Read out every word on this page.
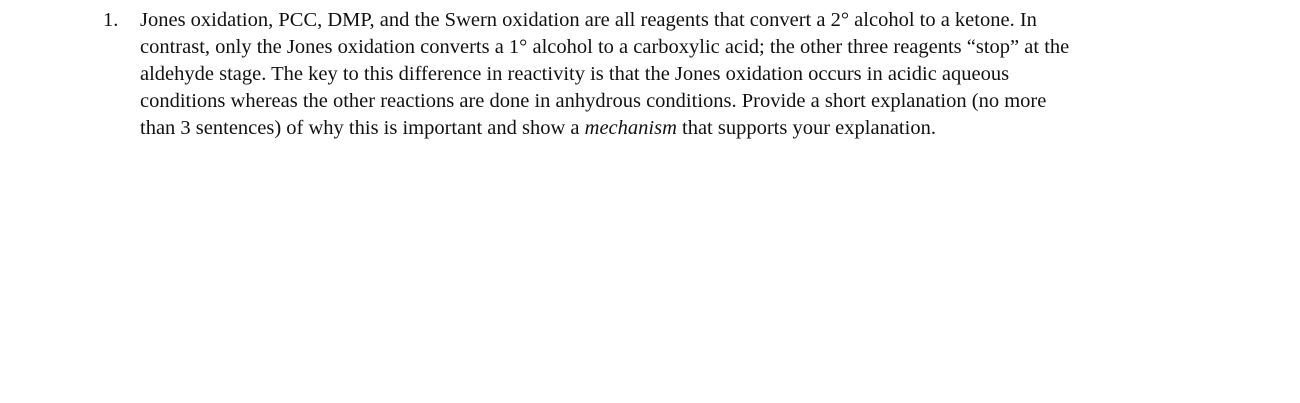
1. Jones oxidation, PCC, DMP, and the Swern oxidation are all reagents that convert a 2° alcohol to a ketone. In
contrast, only the Jones oxidation converts a 1° alcohol to a carboxylic acid; the other three reagents “stop” at the
aldehyde stage. The key to this difference in reactivity is that the Jones oxidation occurs in acidic aqueous
conditions whereas the other reactions are done in anhydrous conditions. Provide a short explanation (no more
than 3 sentences) of why this is important and show a mechanism that supports your explanation.
